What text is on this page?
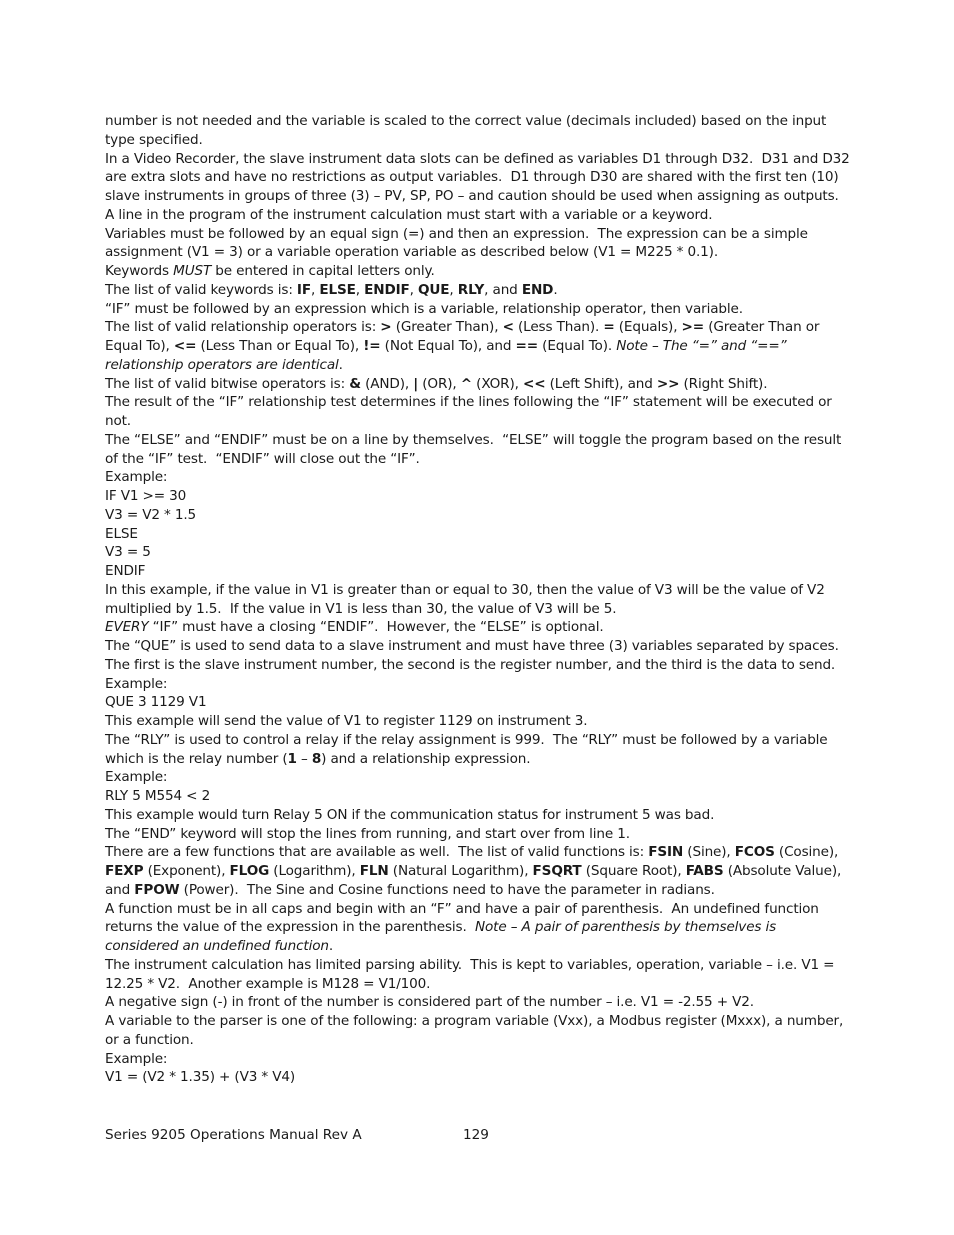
number is not needed and the variable is scaled to the correct value (decimals included) based on the input type specified.

In a Video Recorder, the slave instrument data slots can be defined as variables D1 through D32.  D31 and D32 are extra slots and have no restrictions as output variables.  D1 through D30 are shared with the first ten (10) slave instruments in groups of three (3) – PV, SP, PO – and caution should be used when assigning as outputs.

A line in the program of the instrument calculation must start with a variable or a keyword.

Variables must be followed by an equal sign (=) and then an expression.  The expression can be a simple assignment (V1 = 3) or a variable operation variable as described below (V1 = M225 * 0.1).

Keywords MUST be entered in capital letters only.

The list of valid keywords is: IF, ELSE, ENDIF, QUE, RLY, and END.

“IF” must be followed by an expression which is a variable, relationship operator, then variable.

The list of valid relationship operators is: > (Greater Than), < (Less Than). = (Equals), >= (Greater Than or Equal To), <= (Less Than or Equal To), != (Not Equal To), and == (Equal To). Note – The “=” and “==” relationship operators are identical.

The list of valid bitwise operators is: & (AND), | (OR), ^ (XOR), << (Left Shift), and >> (Right Shift).

The result of the “IF” relationship test determines if the lines following the “IF” statement will be executed or not.

The “ELSE” and “ENDIF” must be on a line by themselves.  “ELSE” will toggle the program based on the result of the “IF” test.  “ENDIF” will close out the “IF”.

Example:

IF V1 >= 30

V3 = V2 * 1.5

ELSE

V3 = 5

ENDIF

In this example, if the value in V1 is greater than or equal to 30, then the value of V3 will be the value of V2 multiplied by 1.5.  If the value in V1 is less than 30, the value of V3 will be 5.

EVERY “IF” must have a closing “ENDIF”.  However, the “ELSE” is optional.

The “QUE” is used to send data to a slave instrument and must have three (3) variables separated by spaces.  The first is the slave instrument number, the second is the register number, and the third is the data to send.

Example:

QUE 3 1129 V1

This example will send the value of V1 to register 1129 on instrument 3.

The “RLY” is used to control a relay if the relay assignment is 999.  The “RLY” must be followed by a variable which is the relay number (1 – 8) and a relationship expression.

Example:

RLY 5 M554 < 2

This example would turn Relay 5 ON if the communication status for instrument 5 was bad.

The “END” keyword will stop the lines from running, and start over from line 1.

There are a few functions that are available as well.  The list of valid functions is: FSIN (Sine), FCOS (Cosine), FEXP (Exponent), FLOG (Logarithm), FLN (Natural Logarithm), FSQRT (Square Root), FABS (Absolute Value), and FPOW (Power).  The Sine and Cosine functions need to have the parameter in radians.

A function must be in all caps and begin with an “F” and have a pair of parenthesis.  An undefined function returns the value of the expression in the parenthesis.  Note – A pair of parenthesis by themselves is considered an undefined function.

The instrument calculation has limited parsing ability.  This is kept to variables, operation, variable – i.e. V1 = 12.25 * V2.  Another example is M128 = V1/100.

A negative sign (-) in front of the number is considered part of the number – i.e. V1 = -2.55 + V2.

A variable to the parser is one of the following: a program variable (Vxx), a Modbus register (Mxxx), a number, or a function.

Example:

V1 = (V2 * 1.35) + (V3 * V4)

Series 9205 Operations Manual Rev A	129
